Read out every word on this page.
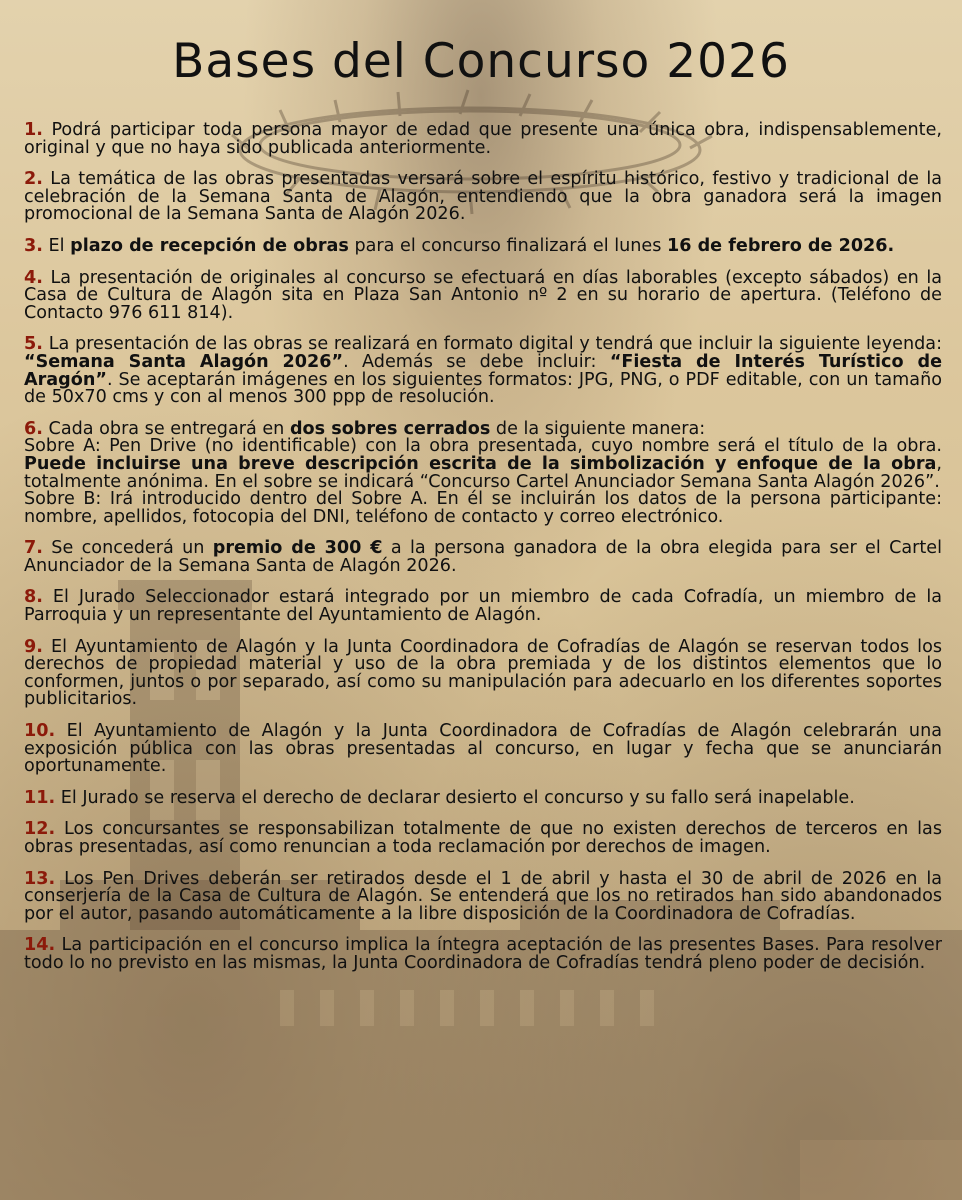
Bases del Concurso 2026

1. Podrá participar toda persona mayor de edad que presente una única obra, indispensablemente, original y que no haya sido publicada anteriormente.

2. La temática de las obras presentadas versará sobre el espíritu histórico, festivo y tradicional de la celebración de la Semana Santa de Alagón, entendiendo que la obra ganadora será la imagen promocional de la Semana Santa de Alagón 2026.

3. El plazo de recepción de obras para el concurso finalizará el lunes 16 de febrero de 2026.

4. La presentación de originales al concurso se efectuará en días laborables (excepto sábados) en la Casa de Cultura de Alagón sita en Plaza San Antonio nº 2 en su horario de apertura. (Teléfono de Contacto 976 611 814).

5. La presentación de las obras se realizará en formato digital y tendrá que incluir la siguiente leyenda: “Semana Santa Alagón 2026”. Además se debe incluir: “Fiesta de Interés Turístico de Aragón”. Se aceptarán imágenes en los siguientes formatos: JPG, PNG, o PDF editable, con un tamaño de 50x70 cms y con al menos 300 ppp de resolución.

6. Cada obra se entregará en dos sobres cerrados de la siguiente manera:
Sobre A: Pen Drive (no identificable) con la obra presentada, cuyo nombre será el título de la obra. Puede incluirse una breve descripción escrita de la simbolización y enfoque de la obra, totalmente anónima. En el sobre se indicará “Concurso Cartel Anunciador Semana Santa Alagón 2026”.
Sobre B: Irá introducido dentro del Sobre A. En él se incluirán los datos de la persona participante: nombre, apellidos, fotocopia del DNI, teléfono de contacto y correo electrónico.

7. Se concederá un premio de 300 € a la persona ganadora de la obra elegida para ser el Cartel Anunciador de la Semana Santa de Alagón 2026.

8. El Jurado Seleccionador estará integrado por un miembro de cada Cofradía, un miembro de la Parroquia y un representante del Ayuntamiento de Alagón.

9. El Ayuntamiento de Alagón y la Junta Coordinadora de Cofradías de Alagón se reservan todos los derechos de propiedad material y uso de la obra premiada y de los distintos elementos que lo conformen, juntos o por separado, así como su manipulación para adecuarlo en los diferentes soportes publicitarios.

10. El Ayuntamiento de Alagón y la Junta Coordinadora de Cofradías de Alagón celebrarán una exposición pública con las obras presentadas al concurso, en lugar y fecha que se anunciarán oportunamente.

11. El Jurado se reserva el derecho de declarar desierto el concurso y su fallo será inapelable.

12. Los concursantes se responsabilizan totalmente de que no existen derechos de terceros en las obras presentadas, así como renuncian a toda reclamación por derechos de imagen.

13. Los Pen Drives deberán ser retirados desde el 1 de abril y hasta el 30 de abril de 2026 en la conserjería de la Casa de Cultura de Alagón. Se entenderá que los no retirados han sido abandonados por el autor, pasando automáticamente a la libre disposición de la Coordinadora de Cofradías.

14. La participación en el concurso implica la íntegra aceptación de las presentes Bases. Para resolver todo lo no previsto en las mismas, la Junta Coordinadora de Cofradías tendrá pleno poder de decisión.
